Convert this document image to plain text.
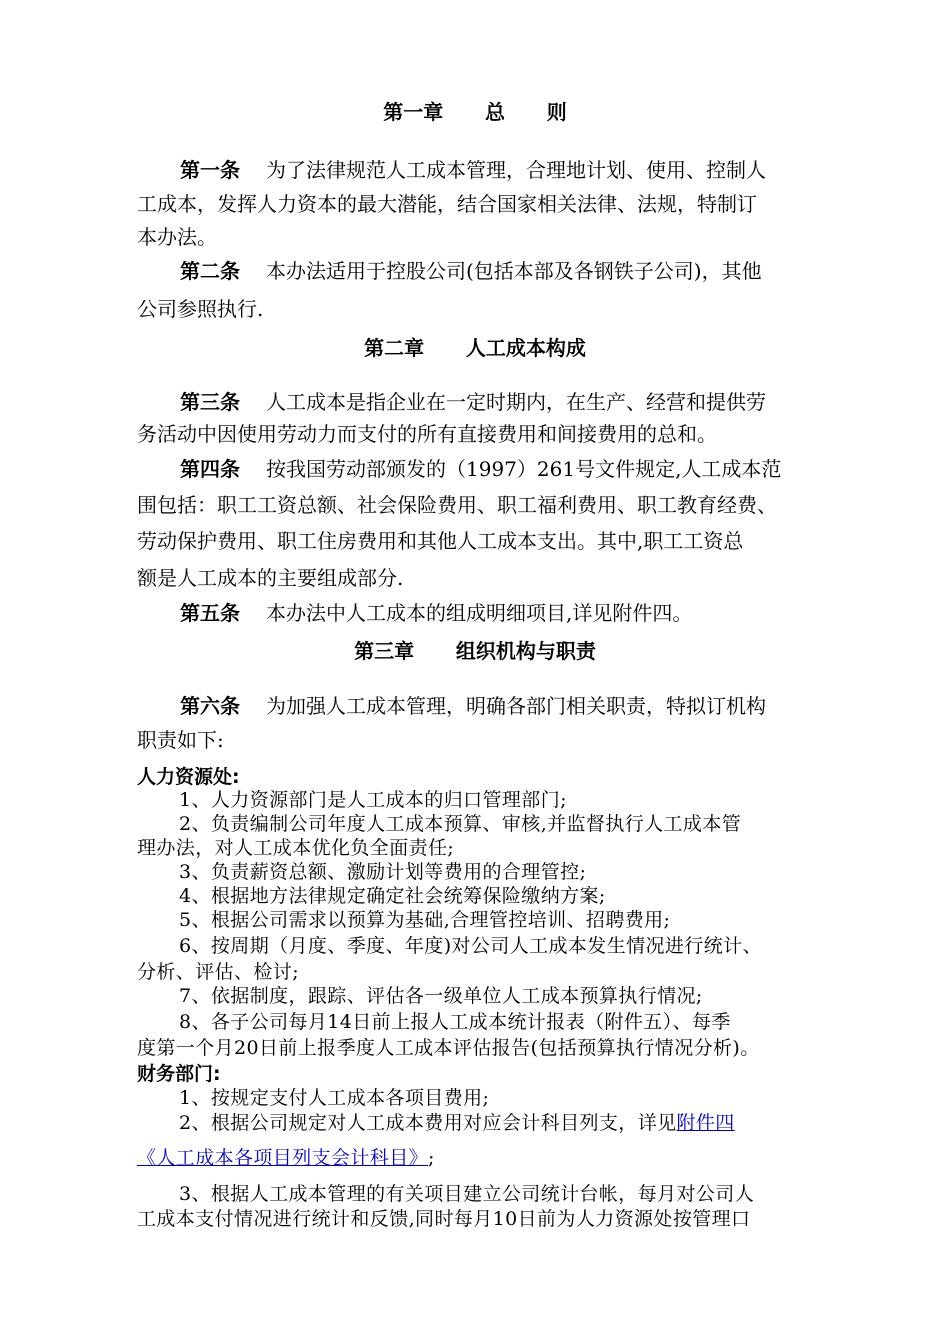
第一章      总      则
第一条 为了法律规范人工成本管理，合理地计划、使用、控制人
工成本，发挥人力资本的最大潜能，结合国家相关法律、法规，特制订
本办法。
第二条 本办法适用于控股公司(包括本部及各钢铁子公司)，其他
公司参照执行.
第二章      人工成本构成
第三条 人工成本是指企业在一定时期内，在生产、经营和提供劳
务活动中因使用劳动力而支付的所有直接费用和间接费用的总和。
第四条 按我国劳动部颁发的（1997）261号文件规定,人工成本范
围包括：职工工资总额、社会保险费用、职工福利费用、职工教育经费、
劳动保护费用、职工住房费用和其他人工成本支出。其中,职工工资总
额是人工成本的主要组成部分.
第五条 本办法中人工成本的组成明细项目,详见附件四。
第三章      组织机构与职责
第六条 为加强人工成本管理，明确各部门相关职责，特拟订机构
职责如下:
人力资源处:
1、人力资源部门是人工成本的归口管理部门;
2、负责编制公司年度人工成本预算、审核,并监督执行人工成本管
理办法，对人工成本优化负全面责任;
3、负责薪资总额、激励计划等费用的合理管控;
4、根据地方法律规定确定社会统筹保险缴纳方案;
5、根据公司需求以预算为基础,合理管控培训、招聘费用;
6、按周期（月度、季度、年度)对公司人工成本发生情况进行统计、
分析、评估、检讨;
7、依据制度，跟踪、评估各一级单位人工成本预算执行情况;
8、各子公司每月14日前上报人工成本统计报表（附件五）、每季
度第一个月20日前上报季度人工成本评估报告(包括预算执行情况分析)。
财务部门:
1、按规定支付人工成本各项目费用;
2、根据公司规定对人工成本费用对应会计科目列支，详见附件四
《人工成本各项目列支会计科目》;
3、根据人工成本管理的有关项目建立公司统计台帐，每月对公司人
工成本支付情况进行统计和反馈,同时每月10日前为人力资源处按管理口
